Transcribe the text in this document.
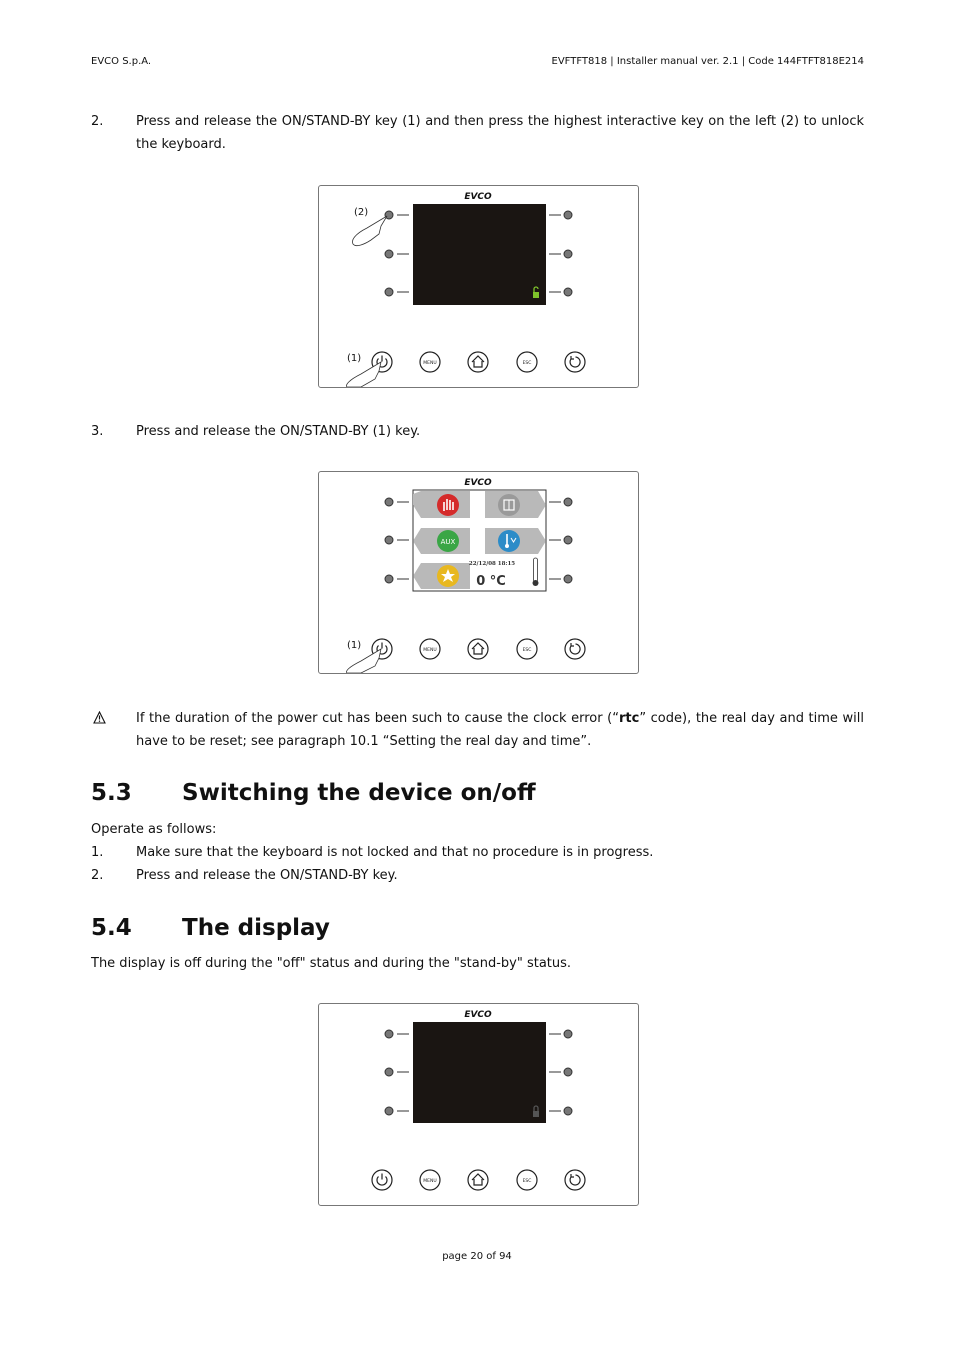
EVCO S.p.A.	EVFTFT818 | Installer manual ver. 2.1 | Code 144FTFT818E214
2.	Press and release the ON/STAND-BY key (1) and then press the highest interactive key on the left (2) to unlock the keyboard.
EVCO
MENU	ESC
(2)
(1)
3.	Press and release the ON/STAND-BY (1) key.
EVCO
AUX
22/12/08 18:15
0 °C
MENU	ESC
(1)
If the duration of the power cut has been such to cause the clock error (“rtc” code), the real day and time will have to be reset; see paragraph 10.1 “Setting the real day and time”.
5.3 Switching the device on/off
Operate as follows:
1.	Make sure that the keyboard is not locked and that no procedure is in progress.
2.	Press and release the ON/STAND-BY key.
5.4 The display
The display is off during the "off" status and during the "stand-by" status.
EVCO
MENU	ESC
page 20 of 94
